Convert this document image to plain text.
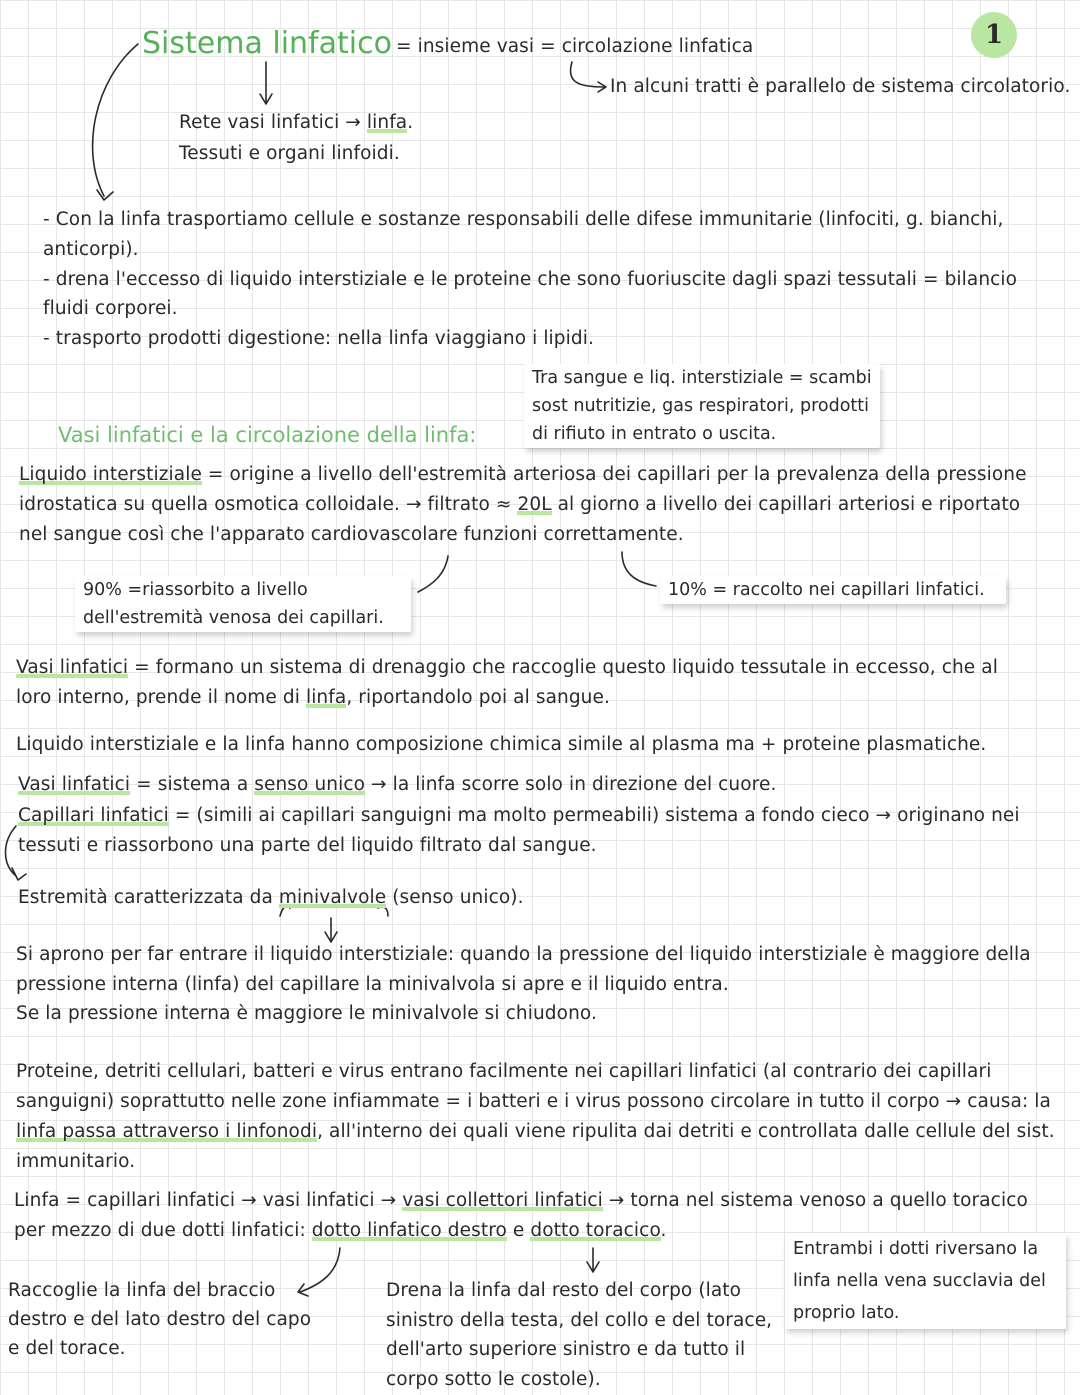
1
Sistema linfatico = insieme vasi = circolazione linfatica
In alcuni tratti è parallelo de sistema circolatorio.
Rete vasi linfatici → linfa.
Tessuti e organi linfoidi.
- Con la linfa trasportiamo cellule e sostanze responsabili delle difese immunitarie (linfociti, g. bianchi,
anticorpi).
- drena l'eccesso di liquido interstiziale e le proteine che sono fuoriuscite dagli spazi tessutali = bilancio
fluidi corporei.
- trasporto prodotti digestione: nella linfa viaggiano i lipidi.
Tra sangue e liq. interstiziale = scambi
sost nutritizie, gas respiratori, prodotti
di rifiuto in entrato o uscita.
Vasi linfatici e la circolazione della linfa:
Liquido interstiziale = origine a livello dell'estremità arteriosa dei capillari per la prevalenza della pressione
idrostatica su quella osmotica colloidale. → filtrato ≈ 20L al giorno a livello dei capillari arteriosi e riportato
nel sangue così che l'apparato cardiovascolare funzioni correttamente.
90% =riassorbito a livello
dell'estremità venosa dei capillari.
10% = raccolto nei capillari linfatici.
Vasi linfatici = formano un sistema di drenaggio che raccoglie questo liquido tessutale in eccesso, che al
loro interno, prende il nome di linfa, riportandolo poi al sangue.
Liquido interstiziale e la linfa hanno composizione chimica simile al plasma ma + proteine plasmatiche.
Vasi linfatici = sistema a senso unico → la linfa scorre solo in direzione del cuore.
Capillari linfatici = (simili ai capillari sanguigni ma molto permeabili) sistema a fondo cieco → originano nei
tessuti e riassorbono una parte del liquido filtrato dal sangue.
Estremità caratterizzata da minivalvole (senso unico).
Si aprono per far entrare il liquido interstiziale: quando la pressione del liquido interstiziale è maggiore della
pressione interna (linfa) del capillare la minivalvola si apre e il liquido entra.
Se la pressione interna è maggiore le minivalvole si chiudono.
Proteine, detriti cellulari, batteri e virus entrano facilmente nei capillari linfatici (al contrario dei capillari
sanguigni) soprattutto nelle zone infiammate = i batteri e i virus possono circolare in tutto il corpo → causa: la
linfa passa attraverso i linfonodi, all'interno dei quali viene ripulita dai detriti e controllata dalle cellule del sist.
immunitario.
Linfa = capillari linfatici → vasi linfatici → vasi collettori linfatici → torna nel sistema venoso a quello toracico
per mezzo di due dotti linfatici: dotto linfatico destro e dotto toracico.
Raccoglie la linfa del braccio
destro e del lato destro del capo
e del torace.
Drena la linfa dal resto del corpo (lato
sinistro della testa, del collo e del torace,
dell'arto superiore sinistro e da tutto il
corpo sotto le costole).
Entrambi i dotti riversano la
linfa nella vena succlavia del
proprio lato.
